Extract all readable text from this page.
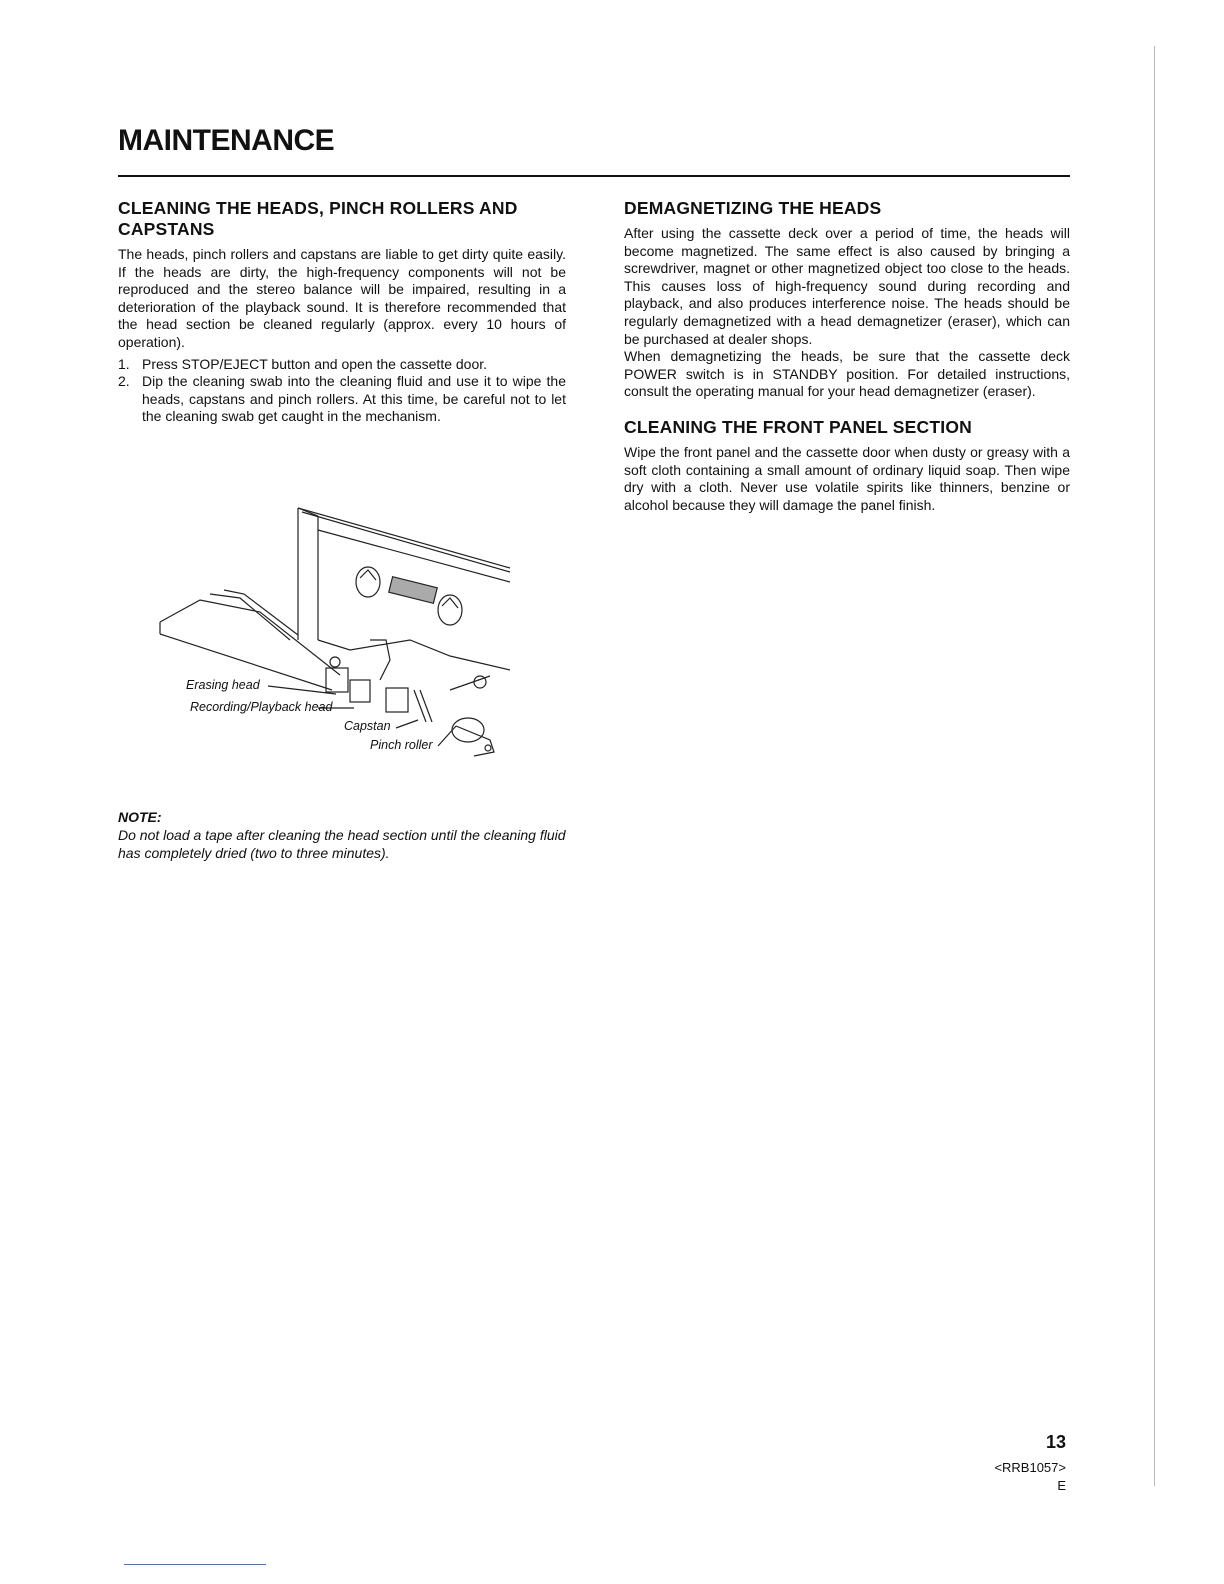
MAINTENANCE
CLEANING THE HEADS, PINCH ROLLERS AND CAPSTANS

The heads, pinch rollers and capstans are liable to get dirty quite easily. If the heads are dirty, the high-frequency components will not be reproduced and the stereo balance will be impaired, resulting in a deterioration of the playback sound. It is therefore recommended that the head section be cleaned regularly (approx. every 10 hours of operation).

1. Press STOP/EJECT button and open the cassette door.
2. Dip the cleaning swab into the cleaning fluid and use it to wipe the heads, capstans and pinch rollers. At this time, be careful not to let the cleaning swab get caught in the mechanism.
Erasing head
Recording/Playback head
Capstan
Pinch roller
NOTE:
Do not load a tape after cleaning the head section until the cleaning fluid has completely dried (two to three minutes).
DEMAGNETIZING THE HEADS

After using the cassette deck over a period of time, the heads will become magnetized. The same effect is also caused by bringing a screwdriver, magnet or other magnetized object too close to the heads. This causes loss of high-frequency sound during recording and playback, and also produces interference noise. The heads should be regularly demagnetized with a head demagnetizer (eraser), which can be purchased at dealer shops.

When demagnetizing the heads, be sure that the cassette deck POWER switch is in STANDBY position. For detailed instructions, consult the operating manual for your head demagnetizer (eraser).

CLEANING THE FRONT PANEL SECTION

Wipe the front panel and the cassette door when dusty or greasy with a soft cloth containing a small amount of ordinary liquid soap. Then wipe dry with a cloth. Never use volatile spirits like thinners, benzine or alcohol because they will damage the panel finish.

13
<RRB1057>
E
